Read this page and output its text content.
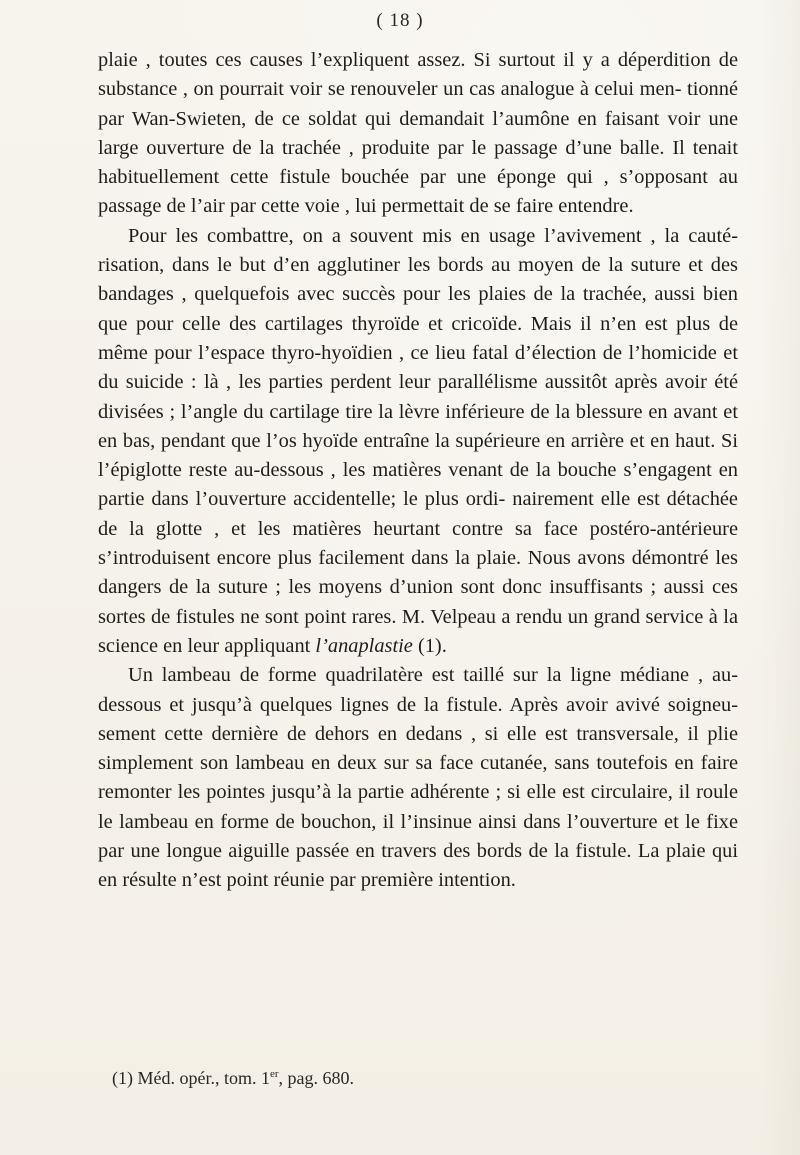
( 18 )

plaie , toutes ces causes l’expliquent assez. Si surtout il y a déperdition de substance , on pourrait voir se renouveler un cas analogue à celui men- tionné par Wan-Swieten, de ce soldat qui demandait l’aumône en faisant voir une large ouverture de la trachée , produite par le passage d’une balle. Il tenait habituellement cette fistule bouchée par une éponge qui , s’opposant au passage de l’air par cette voie , lui permettait de se faire entendre.

Pour les combattre, on a souvent mis en usage l’avivement , la cauté- risation, dans le but d’en agglutiner les bords au moyen de la suture et des bandages , quelquefois avec succès pour les plaies de la trachée, aussi bien que pour celle des cartilages thyroïde et cricoïde. Mais il n’en est plus de même pour l’espace thyro-hyoïdien , ce lieu fatal d’élection de l’homicide et du suicide : là , les parties perdent leur parallélisme aussitôt après avoir été divisées ; l’angle du cartilage tire la lèvre inférieure de la blessure en avant et en bas, pendant que l’os hyoïde entraîne la supérieure en arrière et en haut. Si l’épiglotte reste au-dessous , les matières venant de la bouche s’engagent en partie dans l’ouverture accidentelle; le plus ordi- nairement elle est détachée de la glotte , et les matières heurtant contre sa face postéro-antérieure s’introduisent encore plus facilement dans la plaie. Nous avons démontré les dangers de la suture ; les moyens d’union sont donc insuffisants ; aussi ces sortes de fistules ne sont point rares. M. Velpeau a rendu un grand service à la science en leur appliquant l’anaplastie (1).

Un lambeau de forme quadrilatère est taillé sur la ligne médiane , au- dessous et jusqu’à quelques lignes de la fistule. Après avoir avivé soigneu- sement cette dernière de dehors en dedans , si elle est transversale, il plie simplement son lambeau en deux sur sa face cutanée, sans toutefois en faire remonter les pointes jusqu’à la partie adhérente ; si elle est circulaire, il roule le lambeau en forme de bouchon, il l’insinue ainsi dans l’ouverture et le fixe par une longue aiguille passée en travers des bords de la fistule. La plaie qui en résulte n’est point réunie par première intention.

(1) Méd. opér., tom. 1er, pag. 680.
